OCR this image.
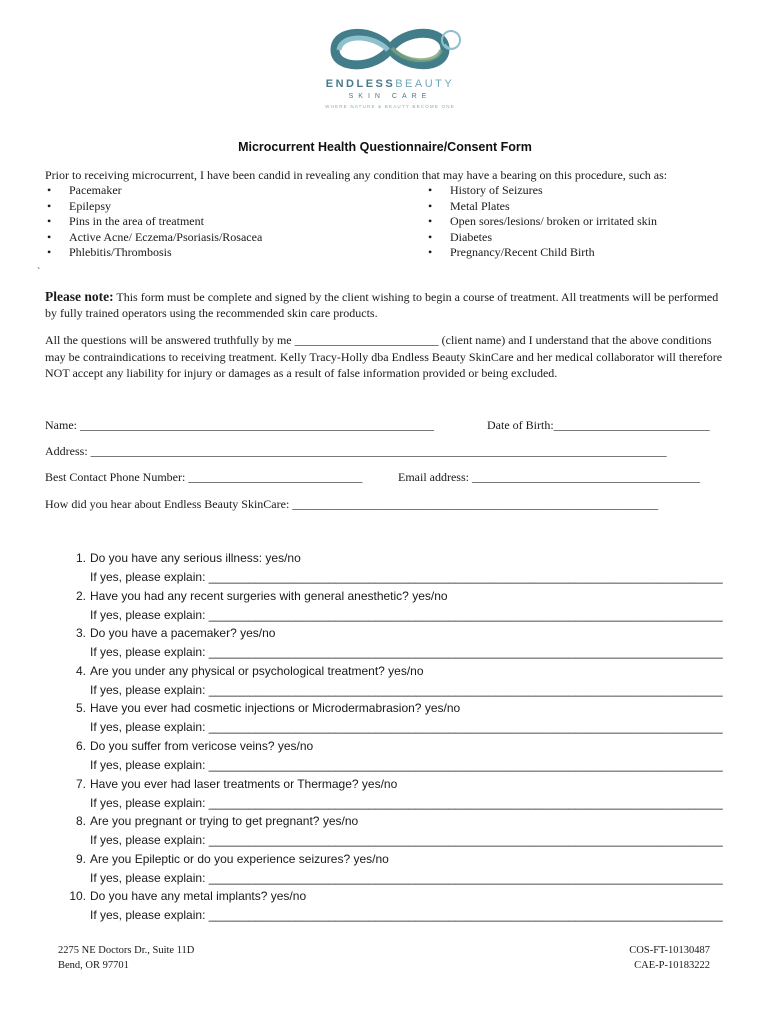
ENDLESSBEAUTY
SKIN CARE
WHERE NATURE & BEAUTY BECOME ONE
Microcurrent Health Questionnaire/Consent Form
Prior to receiving microcurrent, I have been candid in revealing any condition that may have a bearing on this procedure, such as:
• Pacemaker
• Epilepsy
• Pins in the area of treatment
• Active Acne/ Eczema/Psoriasis/Rosacea
• Phlebitis/Thrombosis
• History of Seizures
• Metal Plates
• Open sores/lesions/ broken or irritated skin
• Diabetes
• Pregnancy/Recent Child Birth
`
Please note: This form must be complete and signed by the client wishing to begin a course of treatment. All treatments will be performed by fully trained operators using the recommended skin care products.
All the questions will be answered truthfully by me ________________________ (client name) and I understand that the above conditions may be contraindications to receiving treatment. Kelly Tracy-Holly dba Endless Beauty SkinCare and her medical collaborator will therefore NOT accept any liability for injury or damages as a result of false information provided or being excluded.
Name: ___________________________________________________________	Date of Birth:__________________________
Address: ________________________________________________________________________________________________
Best Contact Phone Number: _____________________________	Email address: ______________________________________
How did you hear about Endless Beauty SkinCare: _____________________________________________________________
1. Do you have any serious illness: yes/no
If yes, please explain: _____________________________________________________________________________
2. Have you had any recent surgeries with general anesthetic? yes/no
If yes, please explain: _____________________________________________________________________________
3. Do you have a pacemaker? yes/no
If yes, please explain: _____________________________________________________________________________
4. Are you under any physical or psychological treatment? yes/no
If yes, please explain: _____________________________________________________________________________
5. Have you ever had cosmetic injections or Microdermabrasion? yes/no
If yes, please explain: _____________________________________________________________________________
6. Do you suffer from vericose veins? yes/no
If yes, please explain: _____________________________________________________________________________
7. Have you ever had laser treatments or Thermage? yes/no
If yes, please explain: _____________________________________________________________________________
8. Are you pregnant or trying to get pregnant? yes/no
If yes, please explain: _____________________________________________________________________________
9. Are you Epileptic or do you experience seizures? yes/no
If yes, please explain: _____________________________________________________________________________
10. Do you have any metal implants? yes/no
If yes, please explain: _____________________________________________________________________________
2275 NE Doctors Dr., Suite 11D
Bend, OR 97701
COS-FT-10130487
CAE-P-10183222
